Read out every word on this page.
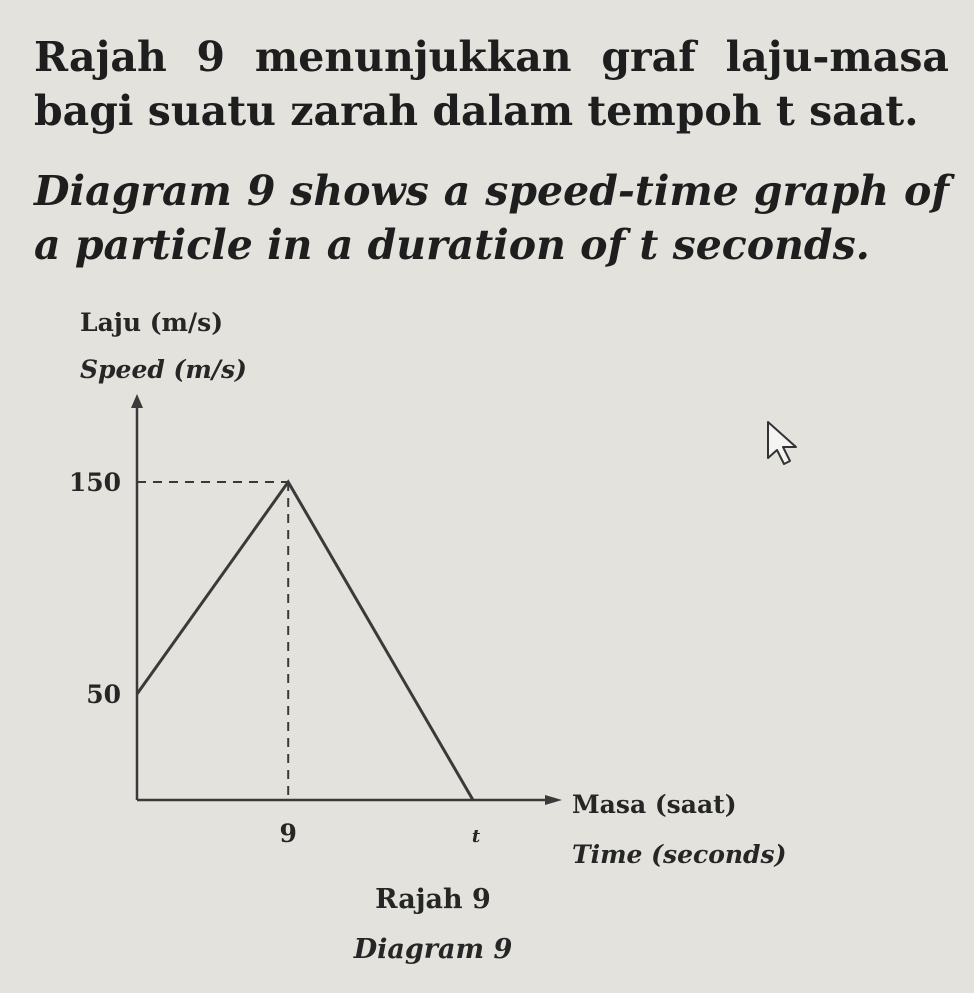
Rajah 9 menunjukkan graf laju-masa bagi suatu zarah dalam tempoh t saat.
Diagram 9 shows a speed-time graph of a particle in a duration of t seconds.
Laju (m/s)
Speed (m/s)
Masa (saat)
Time (seconds)
150
50
9	t
Rajah 9
Diagram 9
